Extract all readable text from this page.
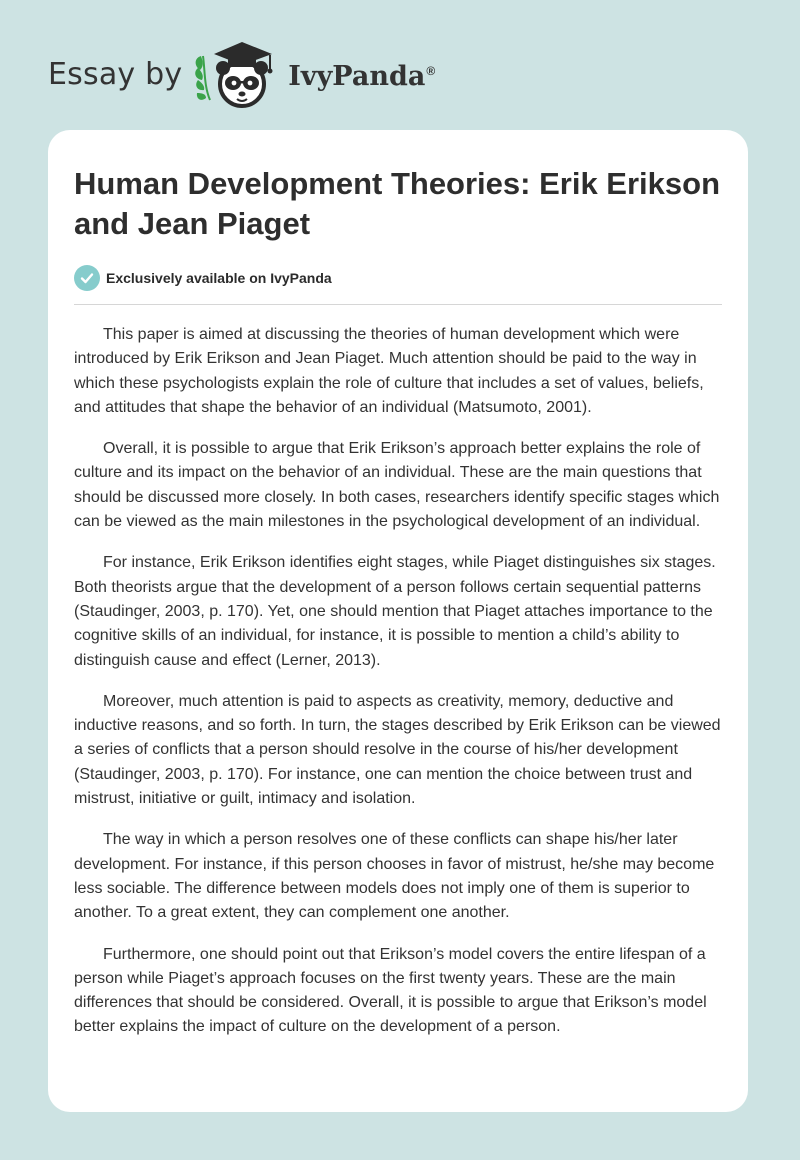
Essay by	IvyPanda®
Human Development Theories: Erik Erikson and Jean Piaget
Exclusively available on IvyPanda

This paper is aimed at discussing the theories of human development which were introduced by Erik Erikson and Jean Piaget. Much attention should be paid to the way in which these psychologists explain the role of culture that includes a set of values, beliefs, and attitudes that shape the behavior of an individual (Matsumoto, 2001).

Overall, it is possible to argue that Erik Erikson’s approach better explains the role of culture and its impact on the behavior of an individual. These are the main questions that should be discussed more closely. In both cases, researchers identify specific stages which can be viewed as the main milestones in the psychological development of an individual.

For instance, Erik Erikson identifies eight stages, while Piaget distinguishes six stages. Both theorists argue that the development of a person follows certain sequential patterns (Staudinger, 2003, p. 170). Yet, one should mention that Piaget attaches importance to the cognitive skills of an individual, for instance, it is possible to mention a child’s ability to distinguish cause and effect (Lerner, 2013).

Moreover, much attention is paid to aspects as creativity, memory, deductive and inductive reasons, and so forth. In turn, the stages described by Erik Erikson can be viewed a series of conflicts that a person should resolve in the course of his/her development (Staudinger, 2003, p. 170). For instance, one can mention the choice between trust and mistrust, initiative or guilt, intimacy and isolation.

The way in which a person resolves one of these conflicts can shape his/her later development. For instance, if this person chooses in favor of mistrust, he/she may become less sociable. The difference between models does not imply one of them is superior to another. To a great extent, they can complement one another.

Furthermore, one should point out that Erikson’s model covers the entire lifespan of a person while Piaget’s approach focuses on the first twenty years. These are the main differences that should be considered. Overall, it is possible to argue that Erikson’s model better explains the impact of culture on the development of a person.
